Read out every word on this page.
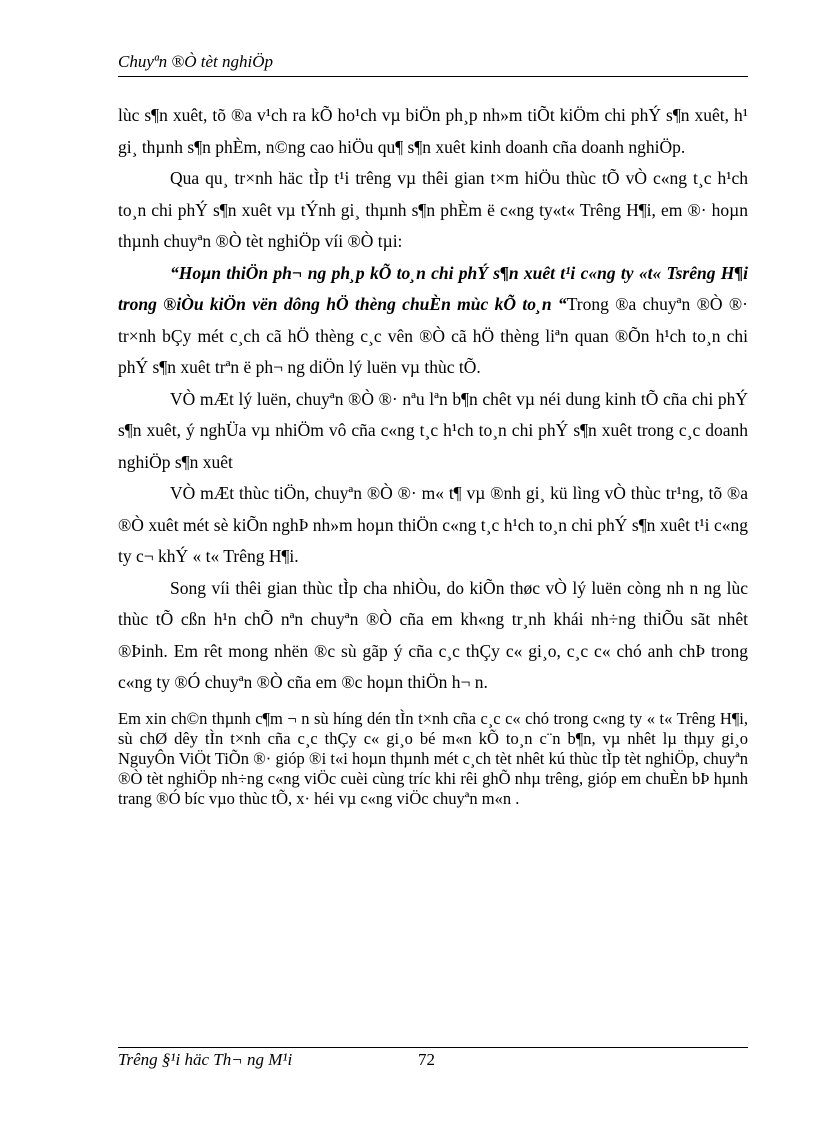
Chuyªn ®Ò tèt nghiÖp

lùc s¶n xuêt, tõ ®a v¹ch ra kÕ ho¹ch vµ biÖn ph¸p nh»m tiÕt kiÖm chi phÝ s¶n xuêt, h¹ gi¸ thµnh s¶n phÈm, n©ng cao hiÖu qu¶ s¶n xuêt kinh doanh cña doanh nghiÖp.

Qua qu¸ tr×nh häc tÌp t¹i trêng vµ thêi gian t×m hiÖu thùc tÕ vÒ c«ng t¸c h¹ch to¸n chi phÝ s¶n xuêt vµ tÝnh gi¸ thµnh s¶n phÈm ë c«ng ty«t« Trêng H¶i, em ®· hoµn thµnh chuyªn ®Ò tèt nghiÖp víi ®Ò tµi:

“Hoµn thiÖn ph¬ ng ph¸p kÕ to¸n chi phÝ s¶n xuêt t¹i c«ng ty «t« Tsrêng H¶i trong ®iÒu kiÖn vën dông hÖ thèng chuÈn mùc kÕ to¸n “Trong ®a chuyªn ®Ò ®· tr×nh bÇy mét c¸ch cã hÖ thèng c¸c vên ®Ò cã hÖ thèng liªn quan ®Õn h¹ch to¸n chi phÝ s¶n xuêt trªn ë ph¬ ng diÖn lý luën vµ thùc tÕ.

VÒ mÆt lý luën, chuyªn ®Ò ®· nªu lªn b¶n chêt vµ néi dung kinh tÕ cña chi phÝ s¶n xuêt, ý nghÜa vµ nhiÖm vô cña c«ng t¸c h¹ch to¸n chi phÝ s¶n xuêt trong c¸c doanh nghiÖp s¶n xuêt

VÒ mÆt thùc tiÖn, chuyªn ®Ò ®· m« t¶ vµ ®nh gi¸ kü lìng vÒ thùc tr¹ng, tõ ®a ®Ò xuêt mét sè kiÕn nghÞ nh»m hoµn thiÖn c«ng t¸c h¹ch to¸n chi phÝ s¶n xuêt t¹i c«ng ty c¬ khÝ « t« Trêng H¶i.

Song víi thêi gian thùc tÌp cha nhiÒu, do kiÕn thøc vÒ lý luën còng nh n ng lùc thùc tÕ cßn h¹n chÕ nªn chuyªn ®Ò cña em kh«ng tr¸nh khái nh÷ng thiÕu sãt nhêt ®Þinh. Em rêt mong nhën ®c sù gãp ý cña c¸c thÇy c« gi¸o, c¸c c« chó anh chÞ trong c«ng ty ®Ó chuyªn ®Ò cña em ®c hoµn thiÖn h¬ n.

Em xin ch©n thµnh c¶m ¬ n sù híng dén tÌn t×nh cña c¸c c« chó trong c«ng ty « t« Trêng H¶i, sù chØ dêy tÌn t×nh cña c¸c thÇy c« gi¸o bé m«n kÕ to¸n c¨n b¶n, vµ nhêt lµ thµy gi¸o NguyÔn ViÖt TiÕn ®· gióp ®i t«i hoµn thµnh mét c¸ch tèt nhêt kú thùc tÌp tèt nghiÖp, chuyªn ®Ò tèt nghiÖp nh÷ng c«ng viÖc cuèi cùng tríc khi rêi ghÕ nhµ trêng, gióp em chuÈn bÞ hµnh trang ®Ó bíc vµo thùc tÕ, x· héi vµ c«ng viÖc chuyªn m«n .

Trêng §¹i häc Th¬ ng M¹i	72
